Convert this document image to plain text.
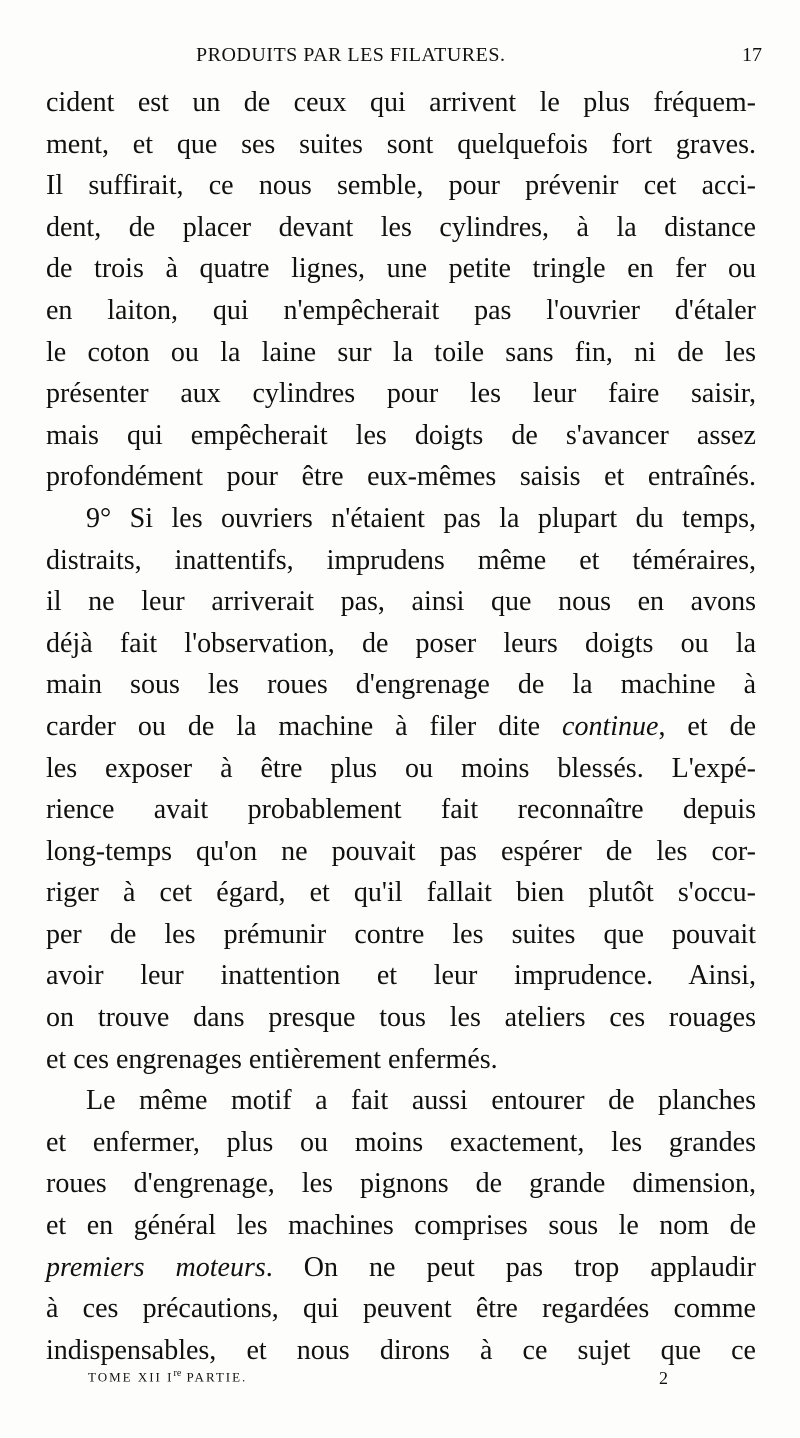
PRODUITS PAR LES FILATURES.	17
cident est un de ceux qui arrivent le plus fréquem-
ment, et que ses suites sont quelquefois fort graves.
Il suffirait, ce nous semble, pour prévenir cet acci-
dent, de placer devant les cylindres, à la distance
de trois à quatre lignes, une petite tringle en fer ou
en laiton, qui n'empêcherait pas l'ouvrier d'étaler
le coton ou la laine sur la toile sans fin, ni de les
présenter aux cylindres pour les leur faire saisir,
mais qui empêcherait les doigts de s'avancer assez
profondément pour être eux-mêmes saisis et entraînés.
9° Si les ouvriers n'étaient pas la plupart du temps,
distraits, inattentifs, imprudens même et téméraires,
il ne leur arriverait pas, ainsi que nous en avons
déjà fait l'observation, de poser leurs doigts ou la
main sous les roues d'engrenage de la machine à
carder ou de la machine à filer dite continue, et de
les exposer à être plus ou moins blessés. L'expé-
rience avait probablement fait reconnaître depuis
long-temps qu'on ne pouvait pas espérer de les cor-
riger à cet égard, et qu'il fallait bien plutôt s'occu-
per de les prémunir contre les suites que pouvait
avoir leur inattention et leur imprudence. Ainsi,
on trouve dans presque tous les ateliers ces rouages
et ces engrenages entièrement enfermés.
Le même motif a fait aussi entourer de planches
et enfermer, plus ou moins exactement, les grandes
roues d'engrenage, les pignons de grande dimension,
et en général les machines comprises sous le nom de
premiers moteurs. On ne peut pas trop applaudir
à ces précautions, qui peuvent être regardées comme
indispensables, et nous dirons à ce sujet que ce
TOME XII Ire PARTIE.	2
